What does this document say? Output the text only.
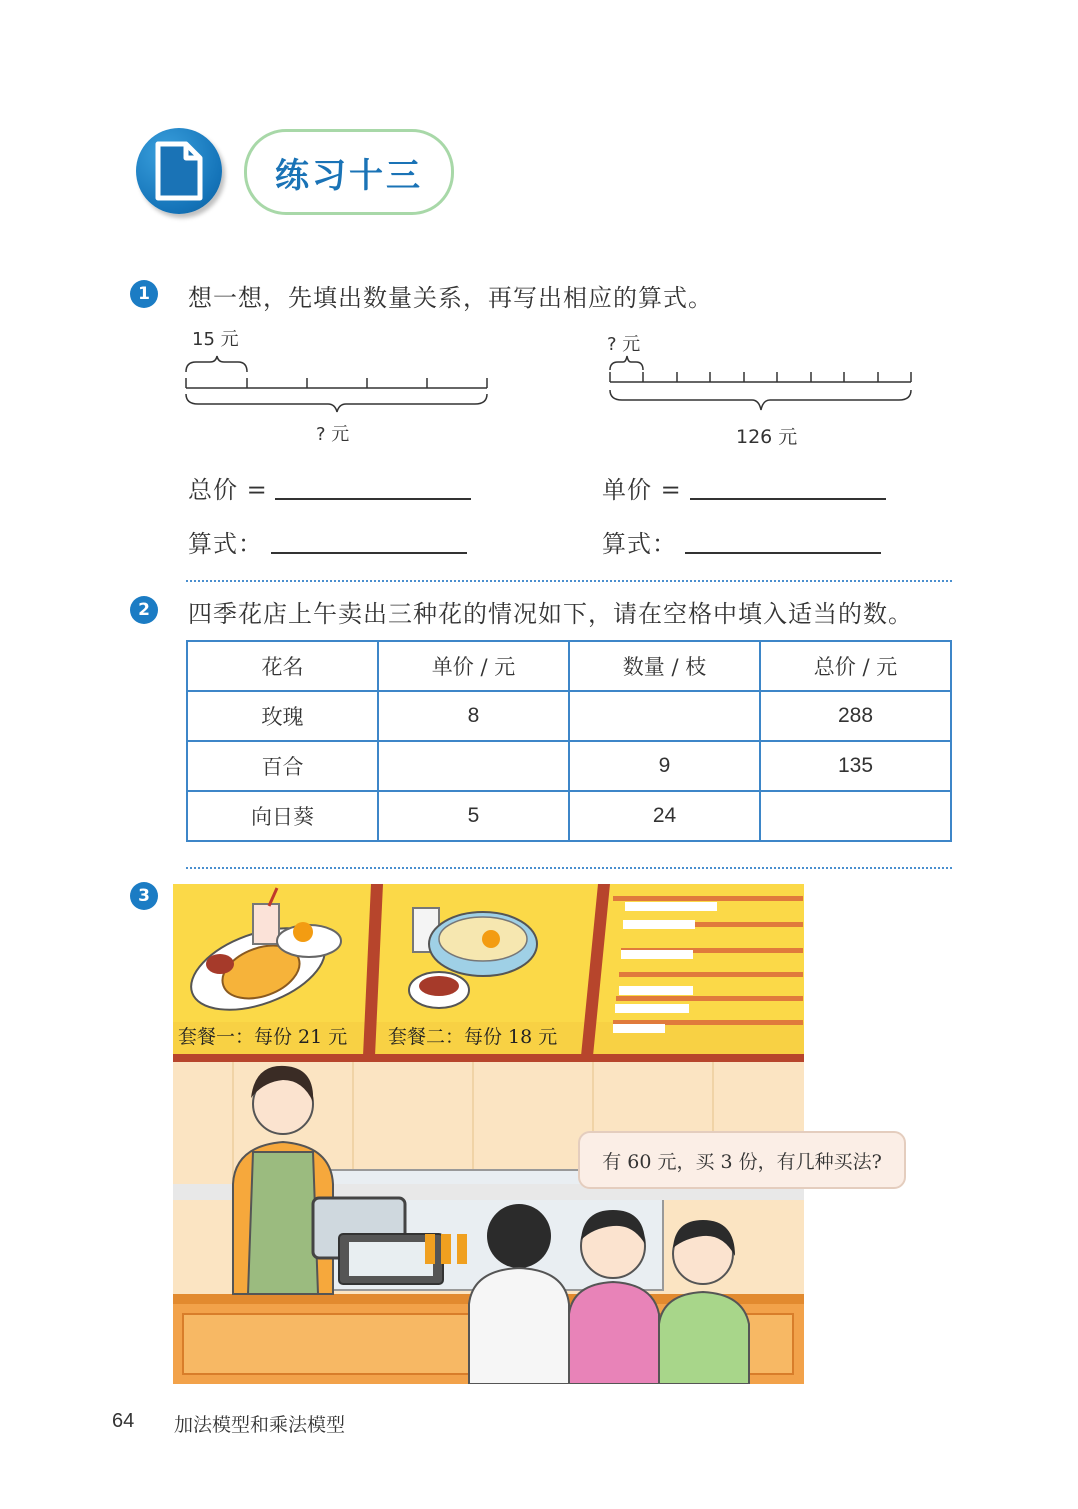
练习十三
1	想一想，先填出数量关系，再写出相应的算式。
15 元
? 元
? 元
126 元
总价 =
算式：
单价 =
算式：
2	四季花店上午卖出三种花的情况如下，请在空格中填入适当的数。
花名	单价 / 元	数量 / 枝	总价 / 元
玫瑰	8		288
百合		9	135
向日葵	5	24	
3
套餐一：每份 21 元 套餐二：每份 18 元
有 60 元，买 3 份，有几种买法?
64 加法模型和乘法模型
